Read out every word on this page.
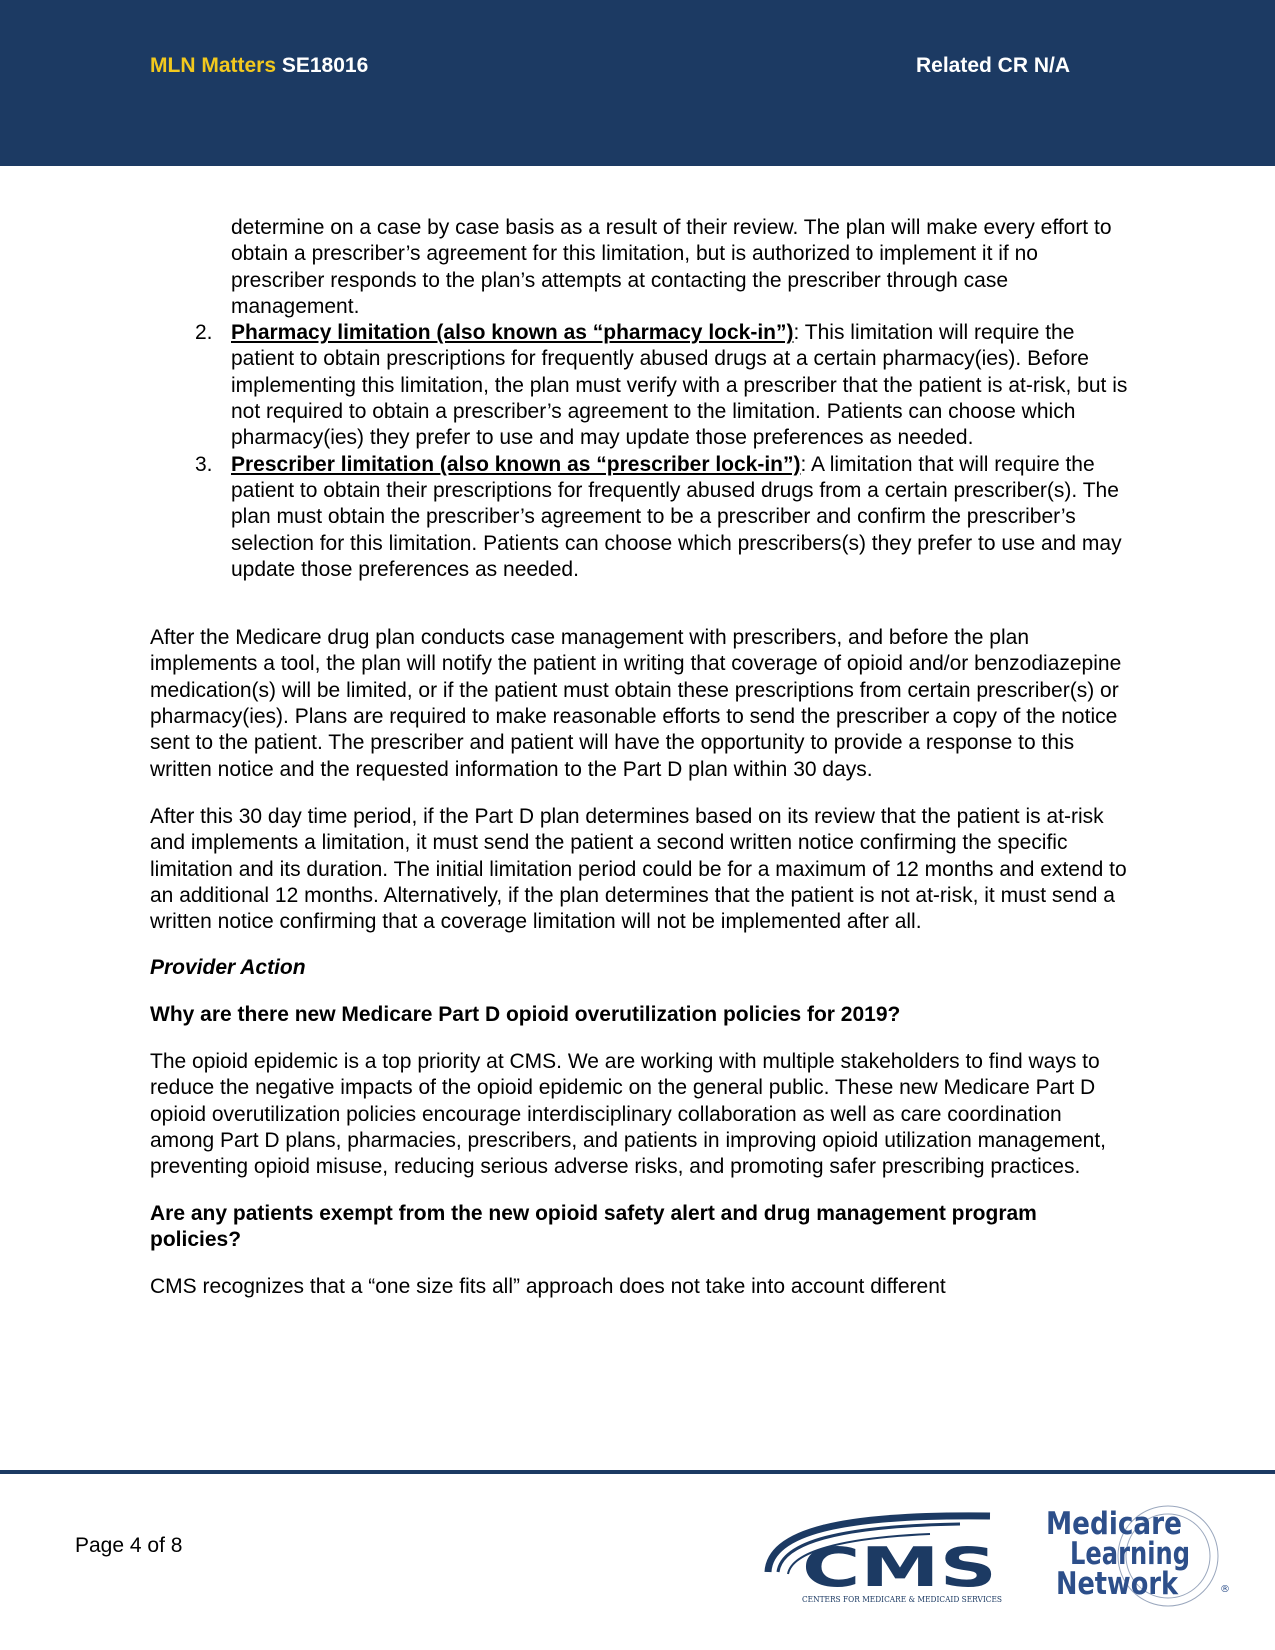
MLN Matters SE18016	Related CR N/A
determine on a case by case basis as a result of their review. The plan will make every effort to obtain a prescriber’s agreement for this limitation, but is authorized to implement it if no prescriber responds to the plan’s attempts at contacting the prescriber through case management.
2. Pharmacy limitation (also known as “pharmacy lock-in”): This limitation will require the patient to obtain prescriptions for frequently abused drugs at a certain pharmacy(ies). Before implementing this limitation, the plan must verify with a prescriber that the patient is at-risk, but is not required to obtain a prescriber’s agreement to the limitation. Patients can choose which pharmacy(ies) they prefer to use and may update those preferences as needed.
3. Prescriber limitation (also known as “prescriber lock-in”): A limitation that will require the patient to obtain their prescriptions for frequently abused drugs from a certain prescriber(s). The plan must obtain the prescriber’s agreement to be a prescriber and confirm the prescriber’s selection for this limitation. Patients can choose which prescribers(s) they prefer to use and may update those preferences as needed.

After the Medicare drug plan conducts case management with prescribers, and before the plan implements a tool, the plan will notify the patient in writing that coverage of opioid and/or benzodiazepine medication(s) will be limited, or if the patient must obtain these prescriptions from certain prescriber(s) or pharmacy(ies). Plans are required to make reasonable efforts to send the prescriber a copy of the notice sent to the patient. The prescriber and patient will have the opportunity to provide a response to this written notice and the requested information to the Part D plan within 30 days.

After this 30 day time period, if the Part D plan determines based on its review that the patient is at-risk and implements a limitation, it must send the patient a second written notice confirming the specific limitation and its duration. The initial limitation period could be for a maximum of 12 months and extend to an additional 12 months. Alternatively, if the plan determines that the patient is not at-risk, it must send a written notice confirming that a coverage limitation will not be implemented after all.

Provider Action

Why are there new Medicare Part D opioid overutilization policies for 2019?

The opioid epidemic is a top priority at CMS. We are working with multiple stakeholders to find ways to reduce the negative impacts of the opioid epidemic on the general public. These new Medicare Part D opioid overutilization policies encourage interdisciplinary collaboration as well as care coordination among Part D plans, pharmacies, prescribers, and patients in improving opioid utilization management, preventing opioid misuse, reducing serious adverse risks, and promoting safer prescribing practices.

Are any patients exempt from the new opioid safety alert and drug management program policies?

CMS recognizes that a “one size fits all” approach does not take into account different

Page 4 of 8	CMS
CENTERS FOR MEDICARE & MEDICAID SERVICES
Medicare
Learning
Network	®
